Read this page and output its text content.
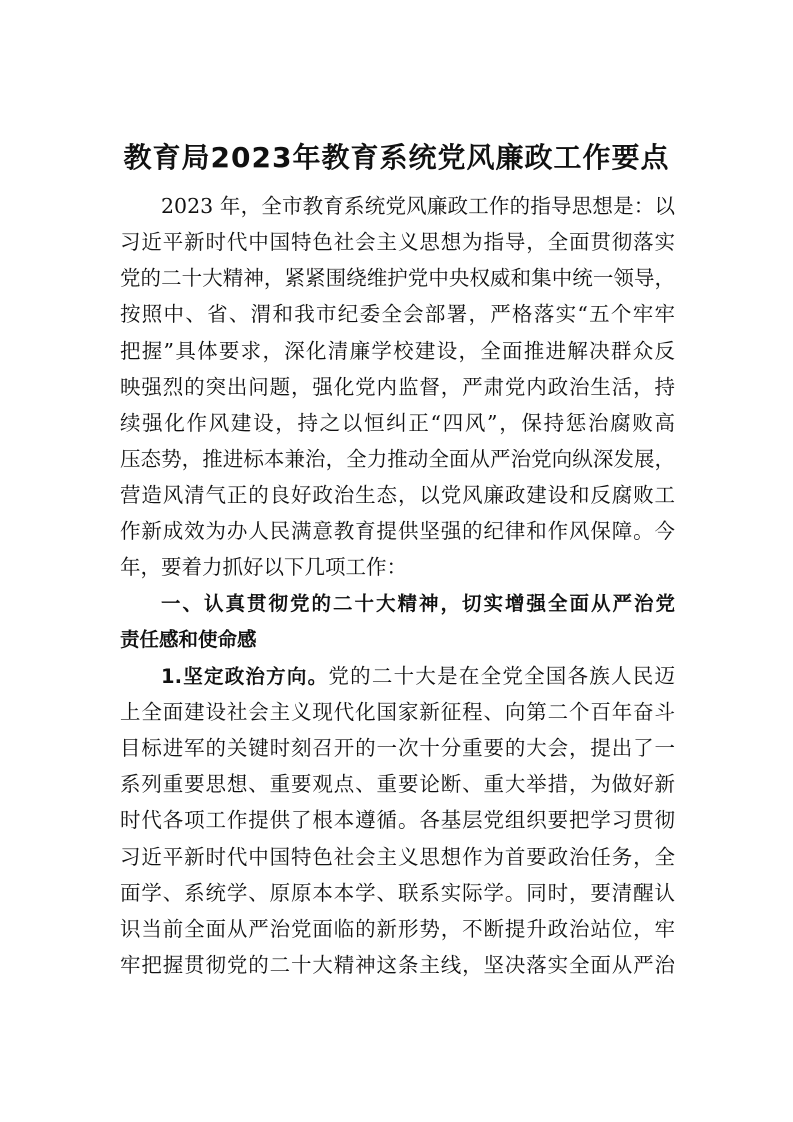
教育局2023年教育系统党风廉政工作要点
2023 年，全市教育系统党风廉政工作的指导思想是：以
习近平新时代中国特色社会主义思想为指导，全面贯彻落实
党的二十大精神，紧紧围绕维护党中央权威和集中统一领导，
按照中、省、渭和我市纪委全会部署，严格落实“五个牢牢
把握”具体要求，深化清廉学校建设，全面推进解决群众反
映强烈的突出问题，强化党内监督，严肃党内政治生活，持
续强化作风建设，持之以恒纠正“四风”，保持惩治腐败高
压态势，推进标本兼治，全力推动全面从严治党向纵深发展，
营造风清气正的良好政治生态，以党风廉政建设和反腐败工
作新成效为办人民满意教育提供坚强的纪律和作风保障。今
年，要着力抓好以下几项工作：
一、认真贯彻党的二十大精神，切实增强全面从严治党
责任感和使命感
1.坚定政治方向。党的二十大是在全党全国各族人民迈
上全面建设社会主义现代化国家新征程、向第二个百年奋斗
目标进军的关键时刻召开的一次十分重要的大会，提出了一
系列重要思想、重要观点、重要论断、重大举措，为做好新
时代各项工作提供了根本遵循。各基层党组织要把学习贯彻
习近平新时代中国特色社会主义思想作为首要政治任务，全
面学、系统学、原原本本学、联系实际学。同时，要清醒认
识当前全面从严治党面临的新形势，不断提升政治站位，牢
牢把握贯彻党的二十大精神这条主线，坚决落实全面从严治
